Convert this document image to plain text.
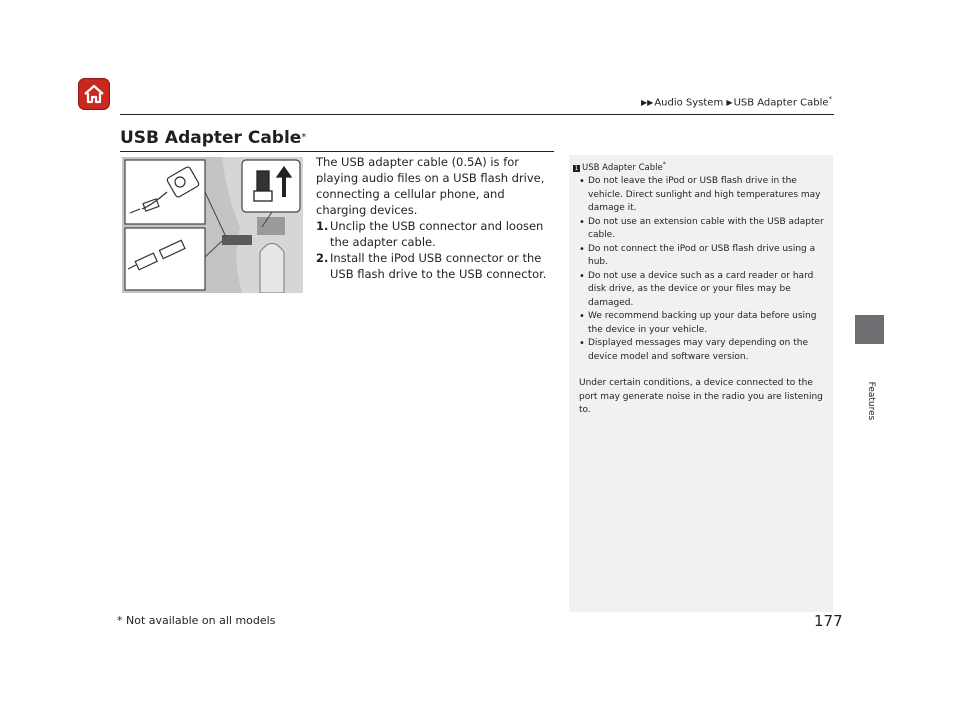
▶▶Audio System ▶USB Adapter Cable*
USB Adapter Cable*

The USB adapter cable (0.5A) is for playing audio files on a USB flash drive, connecting a cellular phone, and charging devices.

1. Unclip the USB connector and loosen the adapter cable.
2. Install the iPod USB connector or the USB flash drive to the USB connector.
1 USB Adapter Cable*
• Do not leave the iPod or USB flash drive in the vehicle. Direct sunlight and high temperatures may damage it.
• Do not use an extension cable with the USB adapter cable.
• Do not connect the iPod or USB flash drive using a hub.
• Do not use a device such as a card reader or hard disk drive, as the device or your files may be damaged.
• We recommend backing up your data before using the device in your vehicle.
• Displayed messages may vary depending on the device model and software version.

Under certain conditions, a device connected to the port may generate noise in the radio you are listening to.

* Not available on all models	177
Features
